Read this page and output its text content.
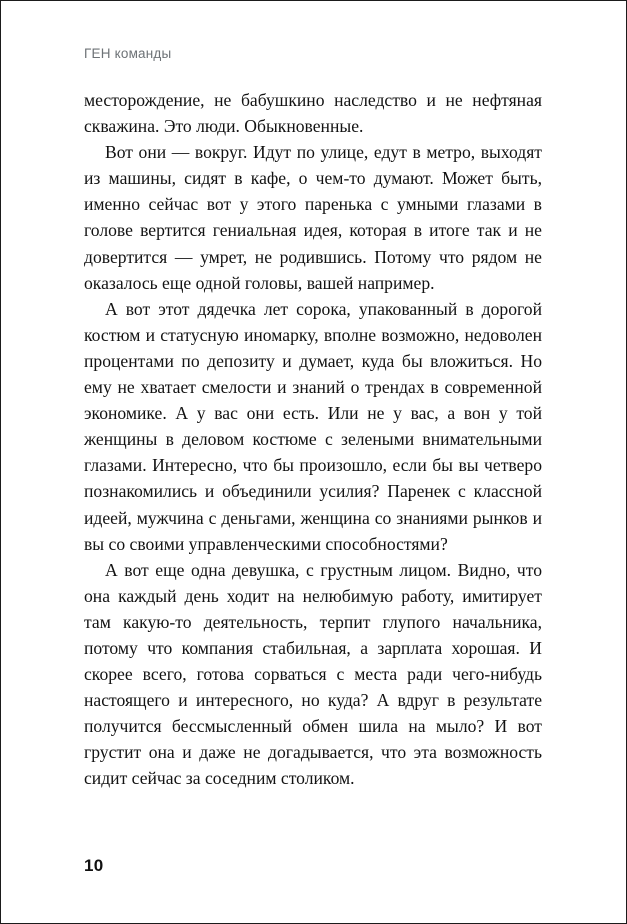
ГЕН команды

месторождение, не бабушкино наследство и не нефтяная скважина. Это люди. Обыкновенные.

Вот они — вокруг. Идут по улице, едут в метро, выходят из машины, сидят в кафе, о чем-то думают. Может быть, именно сейчас вот у этого паренька с умными глазами в голове вертится гениальная идея, которая в итоге так и не довертится — умрет, не родившись. Потому что рядом не оказалось еще одной головы, вашей например.

А вот этот дядечка лет сорока, упакованный в дорогой костюм и статусную иномарку, вполне возможно, недоволен процентами по депозиту и думает, куда бы вложиться. Но ему не хватает смелости и знаний о трендах в современной экономике. А у вас они есть. Или не у вас, а вон у той женщины в деловом костюме с зелеными внимательными глазами. Интересно, что бы произошло, если бы вы четверо познакомились и объединили усилия? Паренек с классной идеей, мужчина с деньгами, женщина со знаниями рынков и вы со своими управленческими способностями?

А вот еще одна девушка, с грустным лицом. Видно, что она каждый день ходит на нелюбимую работу, имитирует там какую-то деятельность, терпит глупого начальника, потому что компания стабильная, а зарплата хорошая. И скорее всего, готова сорваться с места ради чего-нибудь настоящего и интересного, но куда? А вдруг в результате получится бессмысленный обмен шила на мыло? И вот грустит она и даже не догадывается, что эта возможность сидит сейчас за соседним столиком.

10
